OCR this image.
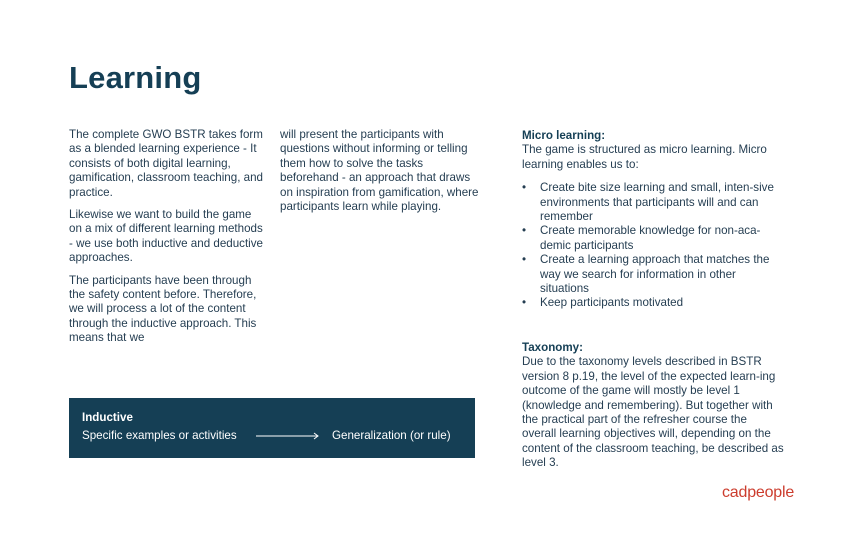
Learning

The complete GWO BSTR takes form as a blended learning experience - It consists of both digital learning, gamification, classroom teaching, and practice.

Likewise we want to build the game on a mix of different learning methods - we use both inductive and deductive approaches.

The participants have been through the safety content before. Therefore, we will process a lot of the content through the inductive approach. This means that we

will present the participants with questions without informing or telling them how to solve the tasks beforehand - an approach that draws on inspiration from gamification, where participants learn while playing.

Micro learning:
The game is structured as micro learning. Micro learning enables us to:
• Create bite size learning and small, inten-sive environments that participants will and can remember
• Create memorable knowledge for non-aca-demic participants
• Create a learning approach that matches the way we search for information in other situations
• Keep participants motivated
Taxonomy:
Due to the taxonomy levels described in BSTR version 8 p.19, the level of the expected learn-ing outcome of the game will mostly be level 1 (knowledge and remembering). But together with the practical part of the refresher course the overall learning objectives will, depending on the content of the classroom teaching, be described as level 3.
Inductive
Specific examples or activities	Generalization (or rule)
cadpeople
